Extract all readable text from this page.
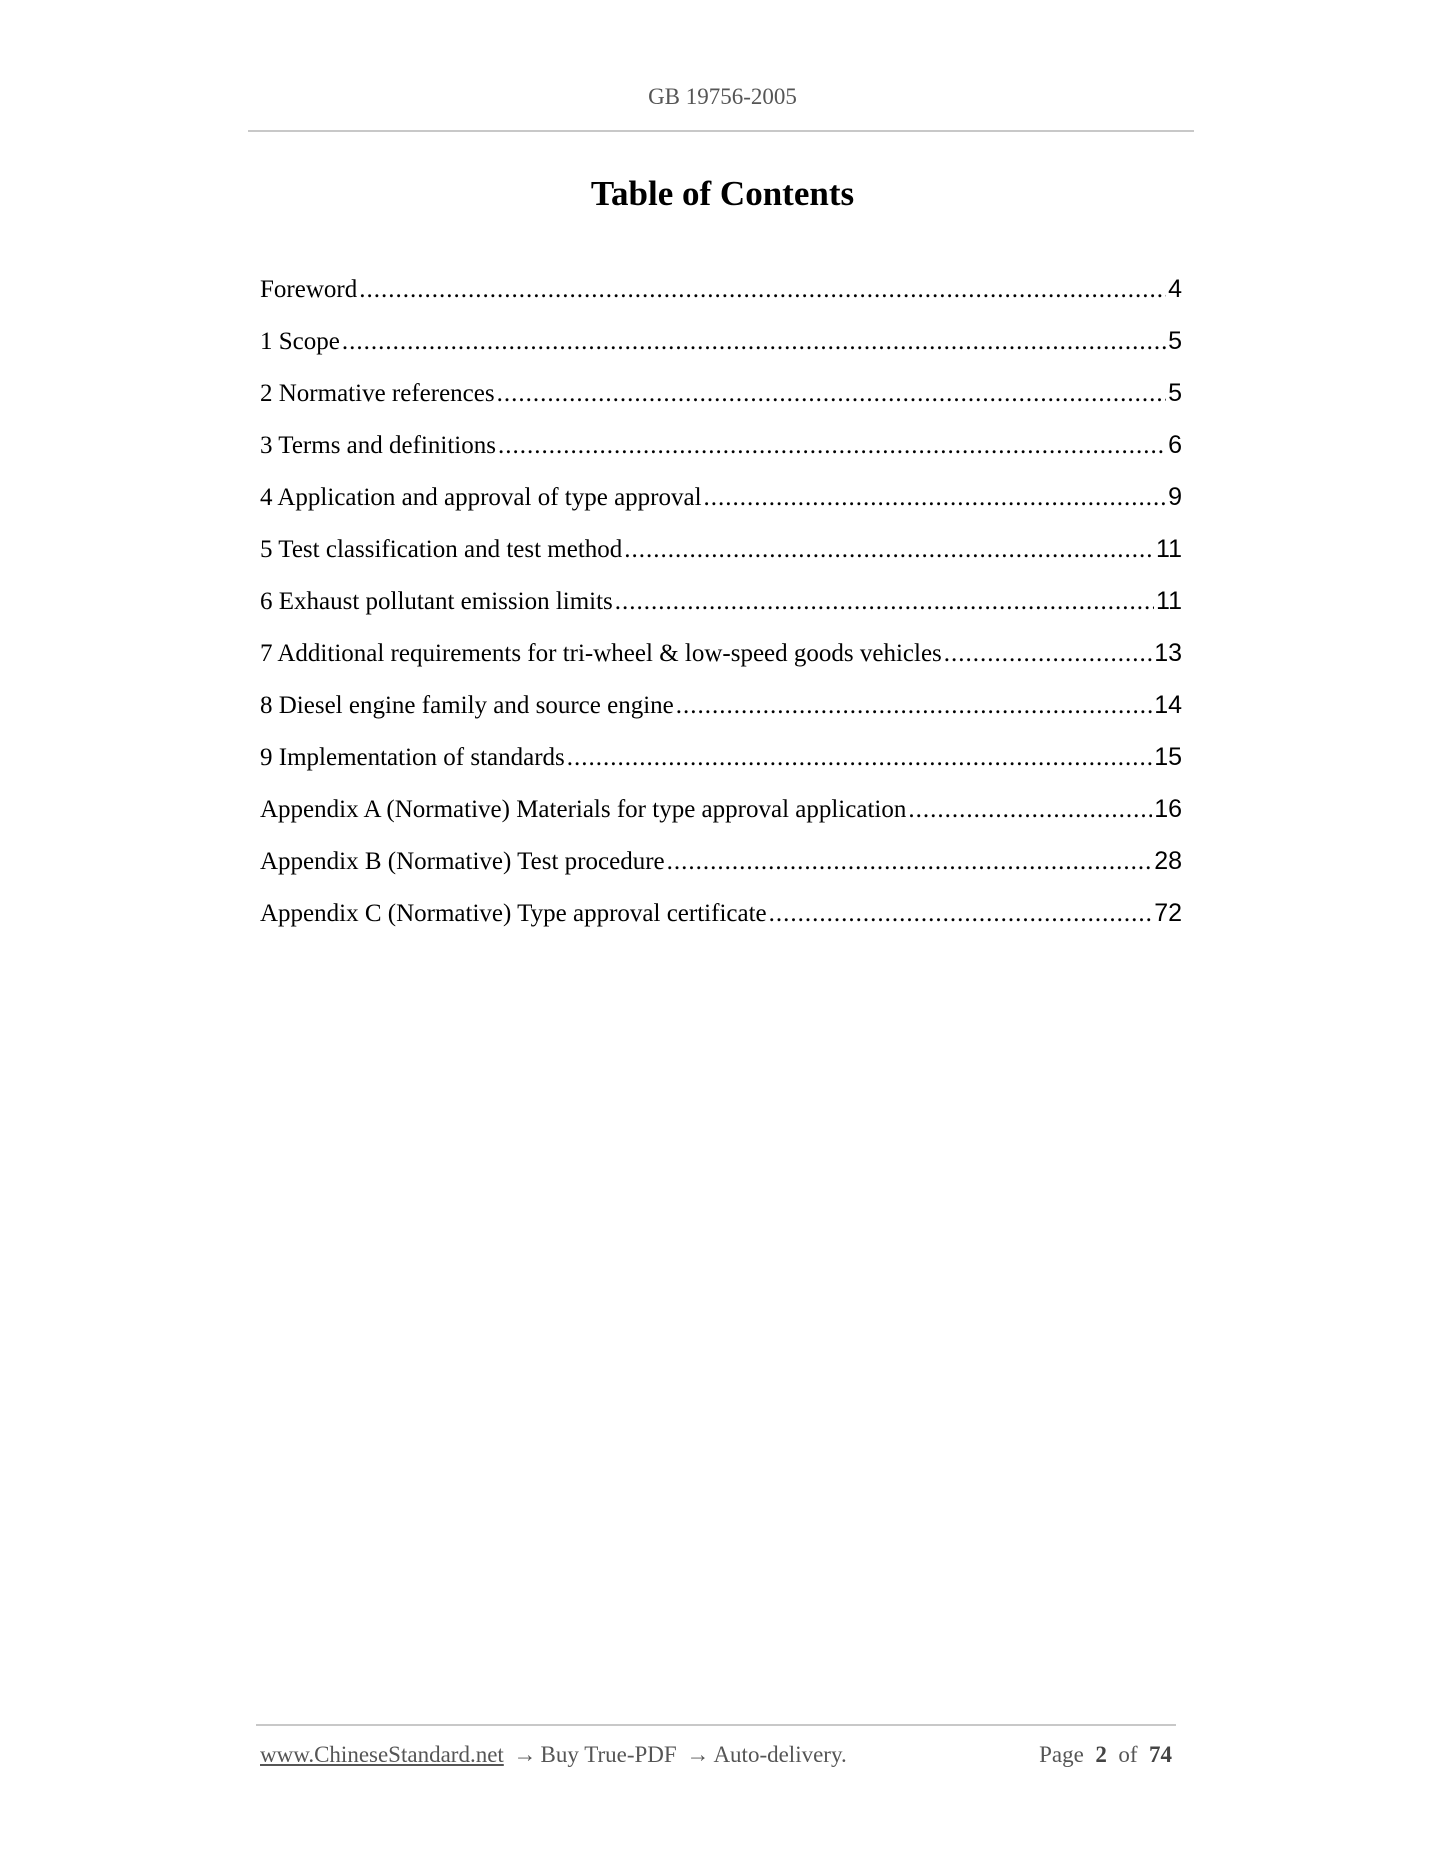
GB 19756-2005
Table of Contents
Foreword .....	4
1 Scope .....	5
2 Normative references .....	5
3 Terms and definitions .....	6
4 Application and approval of type approval .....	9
5 Test classification and test method .....	11
6 Exhaust pollutant emission limits .....	11
7 Additional requirements for tri-wheel & low-speed goods vehicles .....	13
8 Diesel engine family and source engine .....	14
9 Implementation of standards .....	15
Appendix A (Normative) Materials for type approval application .....	16
Appendix B (Normative) Test procedure .....	28
Appendix C (Normative) Type approval certificate .....	72
www.ChineseStandard.net → Buy True-PDF → Auto-delivery.	Page 2 of 74
